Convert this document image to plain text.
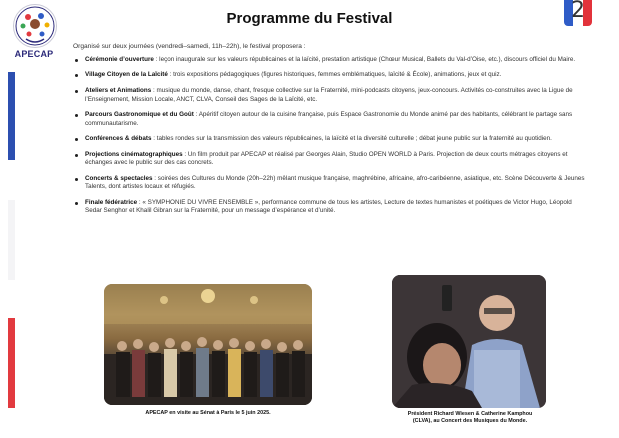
APECAP
2
Programme du Festival
Organisé sur deux journées (vendredi–samedi, 11h–22h), le festival proposera :
Cérémonie d’ouverture : leçon inaugurale sur les valeurs républicaines et la laïcité, prestation artistique (Chœur Musical, Ballets du Val-d’Oise, etc.), discours officiel du Maire.
Village Citoyen de la Laïcité : trois expositions pédagogiques (figures historiques, femmes emblématiques, laïcité & École), animations, jeux et quiz.
Ateliers et Animations : musique du monde, danse, chant, fresque collective sur la Fraternité, mini-podcasts citoyens, jeux-concours. Activités co-construites avec la Ligue de l’Enseignement, Mission Locale, ANCT, CLVA, Conseil des Sages de la Laïcité, etc.
Parcours Gastronomique et du Goût : Apéritif citoyen autour de la cuisine française, puis Espace Gastronomie du Monde animé par des habitants, célébrant le partage sans communautarisme.
Conférences & débats : tables rondes sur la transmission des valeurs républicaines, la laïcité et la diversité culturelle ; débat jeune public sur la fraternité au quotidien.
Projections cinématographiques : Un film produit par APECAP et réalisé par Georges Alain, Studio OPEN WORLD à Paris. Projection de deux courts métrages citoyens et échanges avec le public sur des cas concrets.
Concerts & spectacles : soirées des Cultures du Monde (20h–22h) mêlant musique française, maghrébine, africaine, afro-caribéenne, asiatique, etc. Scène Découverte & Jeunes Talents, dont artistes locaux et réfugiés.
Finale fédératrice : « SYMPHONIE DU VIVRE ENSEMBLE », performance commune de tous les artistes, Lecture de textes humanistes et poétiques de Victor Hugo, Léopold Sedar Senghor et Khalil Gibran sur la Fraternité, pour un message d’espérance et d’unité.
APECAP en visite au Sénat à Paris le 5 juin 2025.	Président Richard Wiesen & Catherine Kamphou
(CLVA), au Concert des Musiques du Monde.
